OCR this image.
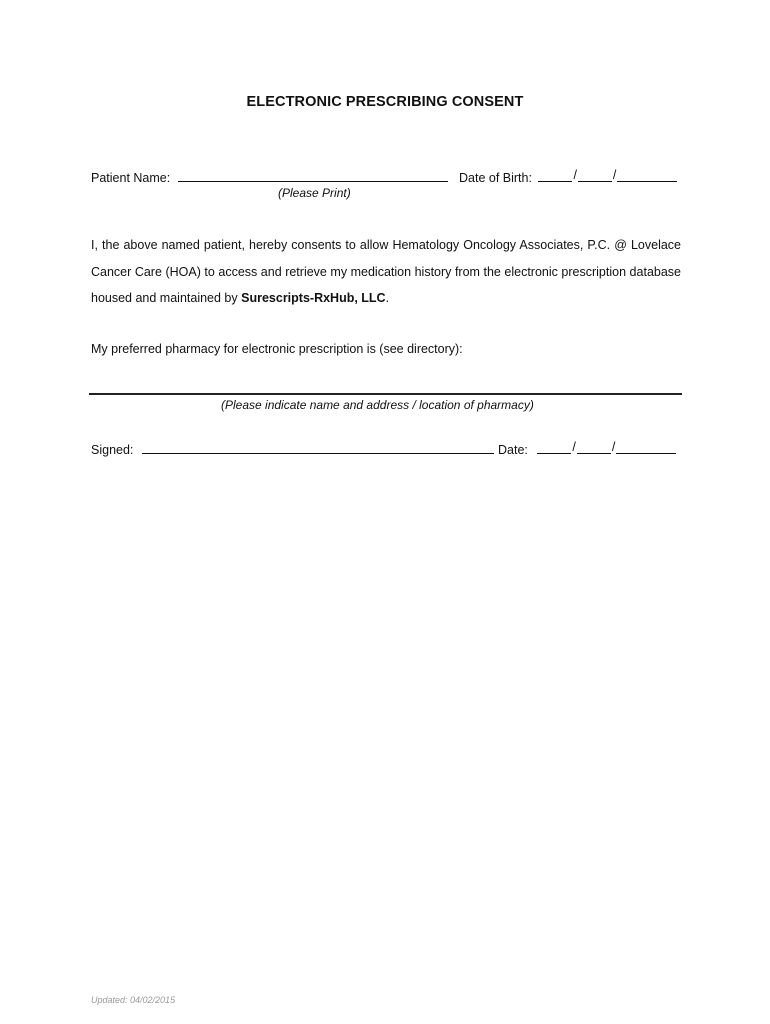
ELECTRONIC PRESCRIBING CONSENT
Patient Name:	Date of Birth:	/	/
(Please Print)
I, the above named patient, hereby consents to allow Hematology Oncology Associates, P.C. @ Lovelace Cancer Care (HOA) to access and retrieve my medication history from the electronic prescription database housed and maintained by Surescripts-RxHub, LLC.
My preferred pharmacy for electronic prescription is (see directory):
(Please indicate name and address / location of pharmacy)
Signed:	Date:	/	/
Updated: 04/02/2015
